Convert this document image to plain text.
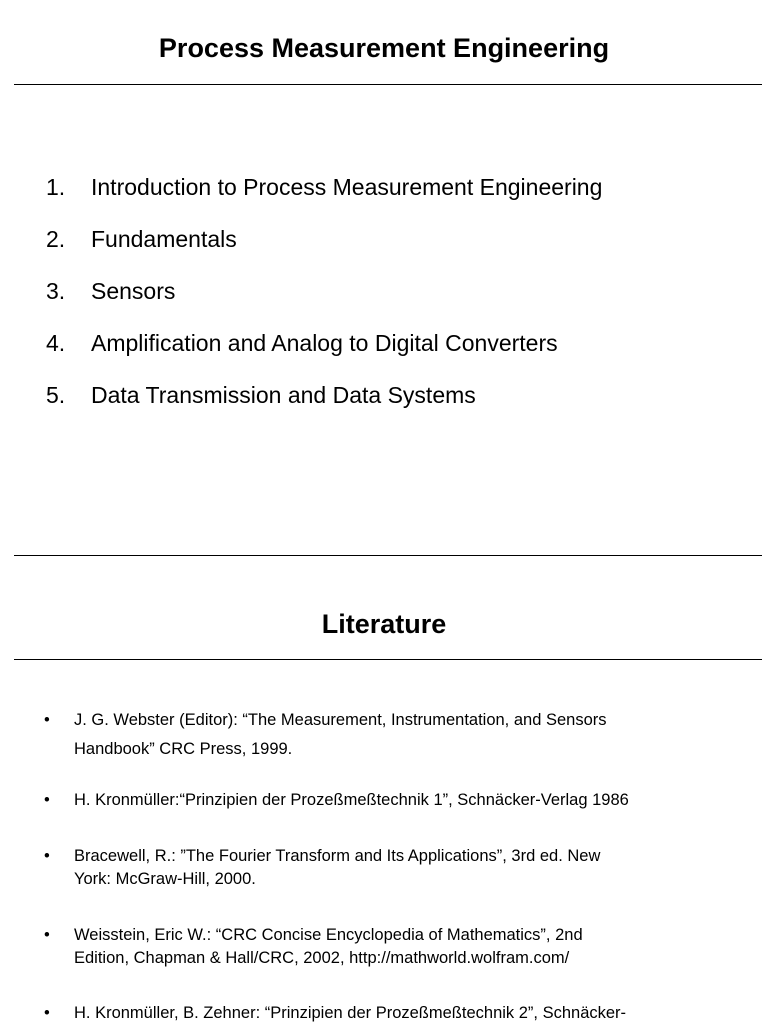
Process Measurement Engineering
1. Introduction to Process Measurement Engineering
2. Fundamentals
3. Sensors
4. Amplification and Analog to Digital Converters
5. Data Transmission and Data Systems
Literature
•	J. G. Webster (Editor): “The Measurement, Instrumentation, and Sensors
Handbook” CRC Press, 1999.
•	H. Kronmüller:“Prinzipien der Prozeßmeßtechnik 1”, Schnäcker-Verlag 1986
•	Bracewell, R.: ”The Fourier Transform and Its Applications”, 3rd ed. New
York: McGraw-Hill, 2000.
•	Weisstein, Eric W.: “CRC Concise Encyclopedia of Mathematics”, 2nd
Edition, Chapman & Hall/CRC, 2002, http://mathworld.wolfram.com/
•	H. Kronmüller, B. Zehner: “Prinzipien der Prozeßmeßtechnik 2”, Schnäcker-
